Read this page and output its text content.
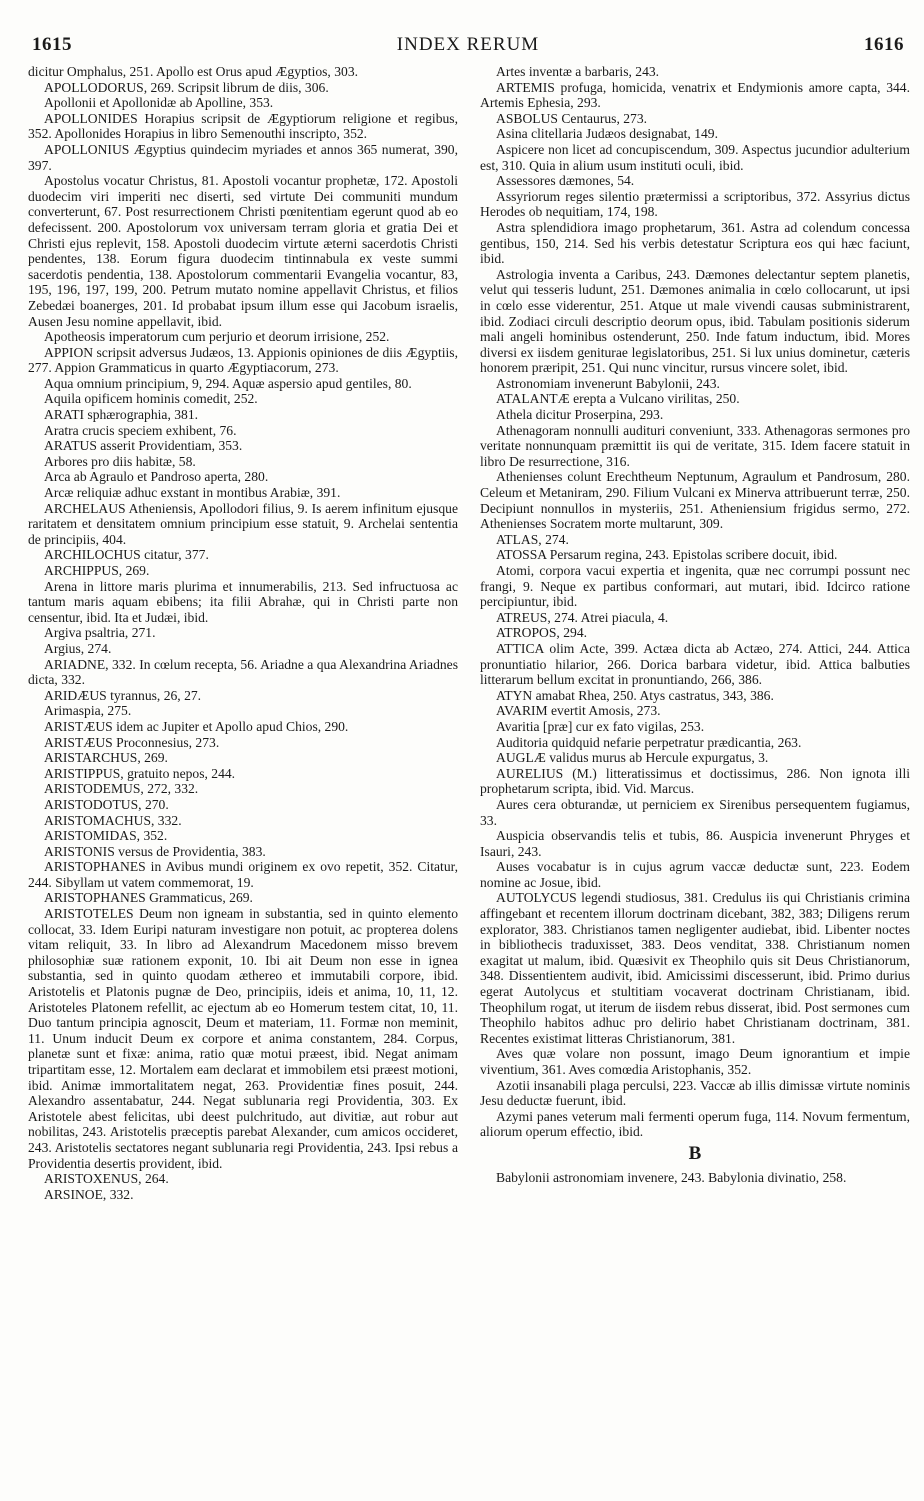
1615	INDEX RERUM	1616

dicitur Omphalus, 251. Apollo est Orus apud Ægyptios, 303.

APOLLODORUS, 269. Scripsit librum de diis, 306.

Apollonii et Apollonidæ ab Apolline, 353.

APOLLONIDES Horapius scripsit de Ægyptiorum religione et regibus, 352. Apollonides Horapius in libro Semenouthi inscripto, 352.

APOLLONIUS Ægyptius quindecim myriades et annos 365 numerat, 390, 397.

Apostolus vocatur Christus, 81. Apostoli vocantur prophetæ, 172. Apostoli duodecim viri imperiti nec diserti, sed virtute Dei communiti mundum converterunt, 67. Post resurrectionem Christi pœnitentiam egerunt quod ab eo defecissent. 200. Apostolorum vox universam terram gloria et gratia Dei et Christi ejus replevit, 158. Apostoli duodecim virtute æterni sacerdotis Christi pendentes, 138. Eorum figura duodecim tintinnabula ex veste summi sacerdotis pendentia, 138. Apostolorum commentarii Evangelia vocantur, 83, 195, 196, 197, 199, 200. Petrum mutato nomine appellavit Christus, et filios Zebedæi boanerges, 201. Id probabat ipsum illum esse qui Jacobum israelis, Ausen Jesu nomine appellavit, ibid.

Apotheosis imperatorum cum perjurio et deorum irrisione, 252.

APPION scripsit adversus Judæos, 13. Appionis opiniones de diis Ægyptiis, 277. Appion Grammaticus in quarto Ægyptiacorum, 273.

Aqua omnium principium, 9, 294. Aquæ aspersio apud gentiles, 80.

Aquila opificem hominis comedit, 252.

ARATI sphærographia, 381.

Aratra crucis speciem exhibent, 76.

ARATUS asserit Providentiam, 353.

Arbores pro diis habitæ, 58.

Arca ab Agraulo et Pandroso aperta, 280.

Arcæ reliquiæ adhuc exstant in montibus Arabiæ, 391.

ARCHELAUS Atheniensis, Apollodori filius, 9. Is aerem infinitum ejusque raritatem et densitatem omnium principium esse statuit, 9. Archelai sententia de principiis, 404.

ARCHILOCHUS citatur, 377.

ARCHIPPUS, 269.

Arena in littore maris plurima et innumerabilis, 213. Sed infructuosa ac tantum maris aquam ebibens; ita filii Abrahæ, qui in Christi parte non censentur, ibid. Ita et Judæi, ibid.

Argiva psaltria, 271.

Argius, 274.

ARIADNE, 332. In cœlum recepta, 56. Ariadne a qua Alexandrina Ariadnes dicta, 332.

ARIDÆUS tyrannus, 26, 27.

Arimaspia, 275.

ARISTÆUS idem ac Jupiter et Apollo apud Chios, 290.

ARISTÆUS Proconnesius, 273.

ARISTARCHUS, 269.

ARISTIPPUS, gratuito nepos, 244.

ARISTODEMUS, 272, 332.

ARISTODOTUS, 270.

ARISTOMACHUS, 332.

ARISTOMIDAS, 352.

ARISTONIS versus de Providentia, 383.

ARISTOPHANES in Avibus mundi originem ex ovo repetit, 352. Citatur, 244. Sibyllam ut vatem commemorat, 19.

ARISTOPHANES Grammaticus, 269.

ARISTOTELES Deum non igneam in substantia, sed in quinto elemento collocat, 33. Idem Euripi naturam investigare non potuit, ac propterea dolens vitam reliquit, 33. In libro ad Alexandrum Macedonem misso brevem philosophiæ suæ rationem exponit, 10. Ibi ait Deum non esse in ignea substantia, sed in quinto quodam æthereo et immutabili corpore, ibid. Aristotelis et Platonis pugnæ de Deo, principiis, ideis et anima, 10, 11, 12. Aristoteles Platonem refellit, ac ejectum ab eo Homerum testem citat, 10, 11. Duo tantum principia agnoscit, Deum et materiam, 11. Formæ non meminit, 11. Unum inducit Deum ex corpore et anima constantem, 284. Corpus, planetæ sunt et fixæ: anima, ratio quæ motui præest, ibid. Negat animam tripartitam esse, 12. Mortalem eam declarat et immobilem etsi præest motioni, ibid. Animæ immortalitatem negat, 263. Providentiæ fines posuit, 244. Alexandro assentabatur, 244. Negat sublunaria regi Providentia, 303. Ex Aristotele abest felicitas, ubi deest pulchritudo, aut divitiæ, aut robur aut nobilitas, 243. Aristotelis præceptis parebat Alexander, cum amicos occideret, 243. Aristotelis sectatores negant sublunaria regi Providentia, 243. Ipsi rebus a Providentia desertis provident, ibid.

ARISTOXENUS, 264.

ARSINOE, 332.

Artes inventæ a barbaris, 243.

ARTEMIS profuga, homicida, venatrix et Endymionis amore capta, 344. Artemis Ephesia, 293.

ASBOLUS Centaurus, 273.

Asina clitellaria Judæos designabat, 149.

Aspicere non licet ad concupiscendum, 309. Aspectus jucundior adulterium est, 310. Quia in alium usum instituti oculi, ibid.

Assessores dæmones, 54.

Assyriorum reges silentio prætermissi a scriptoribus, 372. Assyrius dictus Herodes ob nequitiam, 174, 198.

Astra splendidiora imago prophetarum, 361. Astra ad colendum concessa gentibus, 150, 214. Sed his verbis detestatur Scriptura eos qui hæc faciunt, ibid.

Astrologia inventa a Caribus, 243. Dæmones delectantur septem planetis, velut qui tesseris ludunt, 251. Dæmones animalia in cœlo collocarunt, ut ipsi in cœlo esse viderentur, 251. Atque ut male vivendi causas subministrarent, ibid. Zodiaci circuli descriptio deorum opus, ibid. Tabulam positionis siderum mali angeli hominibus ostenderunt, 250. Inde fatum inductum, ibid. Mores diversi ex iisdem geniturae legislatoribus, 251. Si lux unius dominetur, cæteris honorem præripit, 251. Qui nunc vincitur, rursus vincere solet, ibid.

Astronomiam invenerunt Babylonii, 243.

ATALANTÆ erepta a Vulcano virilitas, 250.

Athela dicitur Proserpina, 293.

Athenagoram nonnulli audituri conveniunt, 333. Athenagoras sermones pro veritate nonnunquam præmittit iis qui de veritate, 315. Idem facere statuit in libro De resurrectione, 316.

Athenienses colunt Erechtheum Neptunum, Agraulum et Pandrosum, 280. Celeum et Metaniram, 290. Filium Vulcani ex Minerva attribuerunt terræ, 250. Decipiunt nonnullos in mysteriis, 251. Atheniensium frigidus sermo, 272. Athenienses Socratem morte multarunt, 309.

ATLAS, 274.

ATOSSA Persarum regina, 243. Epistolas scribere docuit, ibid.

Atomi, corpora vacui expertia et ingenita, quæ nec corrumpi possunt nec frangi, 9. Neque ex partibus conformari, aut mutari, ibid. Idcirco ratione percipiuntur, ibid.

ATREUS, 274. Atrei piacula, 4.

ATROPOS, 294.

ATTICA olim Acte, 399. Actæa dicta ab Actæo, 274. Attici, 244. Attica pronuntiatio hilarior, 266. Dorica barbara videtur, ibid. Attica balbuties litterarum bellum excitat in pronuntiando, 266, 386.

ATYN amabat Rhea, 250. Atys castratus, 343, 386.

AVARIM evertit Amosis, 273.

Avaritia [præ] cur ex fato vigilas, 253.

Auditoria quidquid nefarie perpetratur prædicantia, 263.

AUGLÆ validus murus ab Hercule expurgatus, 3.

AURELIUS (M.) litteratissimus et doctissimus, 286. Non ignota illi prophetarum scripta, ibid. Vid. Marcus.

Aures cera obturandæ, ut perniciem ex Sirenibus persequentem fugiamus, 33.

Auspicia observandis telis et tubis, 86. Auspicia invenerunt Phryges et Isauri, 243.

Auses vocabatur is in cujus agrum vaccæ deductæ sunt, 223. Eodem nomine ac Josue, ibid.

AUTOLYCUS legendi studiosus, 381. Credulus iis qui Christianis crimina affingebant et recentem illorum doctrinam dicebant, 382, 383; Diligens rerum explorator, 383. Christianos tamen negligenter audiebat, ibid. Libenter noctes in bibliothecis traduxisset, 383. Deos venditat, 338. Christianum nomen exagitat ut malum, ibid. Quæsivit ex Theophilo quis sit Deus Christianorum, 348. Dissentientem audivit, ibid. Amicissimi discesserunt, ibid. Primo durius egerat Autolycus et stultitiam vocaverat doctrinam Christianam, ibid. Theophilum rogat, ut iterum de iisdem rebus disserat, ibid. Post sermones cum Theophilo habitos adhuc pro delirio habet Christianam doctrinam, 381. Recentes existimat litteras Christianorum, 381.

Aves quæ volare non possunt, imago Deum ignorantium et impie viventium, 361. Aves comœdia Aristophanis, 352.

Azotii insanabili plaga perculsi, 223. Vaccæ ab illis dimissæ virtute nominis Jesu deductæ fuerunt, ibid.

Azymi panes veterum mali fermenti operum fuga, 114. Novum fermentum, aliorum operum effectio, ibid.

B

Babylonii astronomiam invenere, 243. Babylonia divinatio, 258.
